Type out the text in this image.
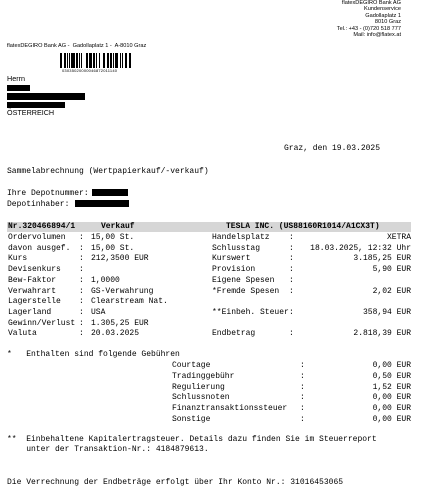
flatexDEGIRO Bank AG
Kundenservice
Gadollaplatz 1
8010 Graz
Tel.: +43 - (0)720 518 777
Mail: info@flatex.at
flatexDEGIRO Bank AG -  Gadollaplatz 1 -  A-8010 Graz
03035020000046872011140
Herrn
ÖSTERREICH
Graz, den 19.03.2025
Sammelabrechnung (Wertpapierkauf/-verkauf)
Ihre Depotnummer:
Depotinhaber:
Nr.320466894/1	Verkauf	TESLA INC. (US88160R1014/A1CX3T)
*   Enthalten sind folgende Gebühren
**  Einbehaltene Kapitalertragsteuer. Details dazu finden Sie im Steuerreport
unter der Transaktion-Nr.: 4184879613.
Die Verrechnung der Endbeträge erfolgt über Ihr Konto Nr.: 31016453065
Ordervolumen : 15,00 St.
davon ausgef. : 15,00 St.
Kurs	: 212,3500 EUR
Devisenkurs :
Bew-Faktor	: 1,0000
Verwahrart	: GS-Verwahrung
Lagerstelle : Clearstream Nat.
Lagerland	: USA
Gewinn/Verlust : 1.305,25 EUR
Valuta	: 20.03.2025
Handelsplatz :	XETRA
Schlusstag	: 18.03.2025, 12:32 Uhr
Kurswert	:	3.185,25 EUR
Provision	:	5,90 EUR
Eigene Spesen :
*Fremde Spesen :	2,02 EUR
**Einbeh. Steuer :	358,94 EUR
Endbetrag	:	2.818,39 EUR
Courtage	:	0,00 EUR
Tradinggebühr	:	0,50 EUR
Regulierung	:	1,52 EUR
Schlussnoten	:	0,00 EUR
Finanztransaktionssteuer :	0,00 EUR
Sonstige	:	0,00 EUR
